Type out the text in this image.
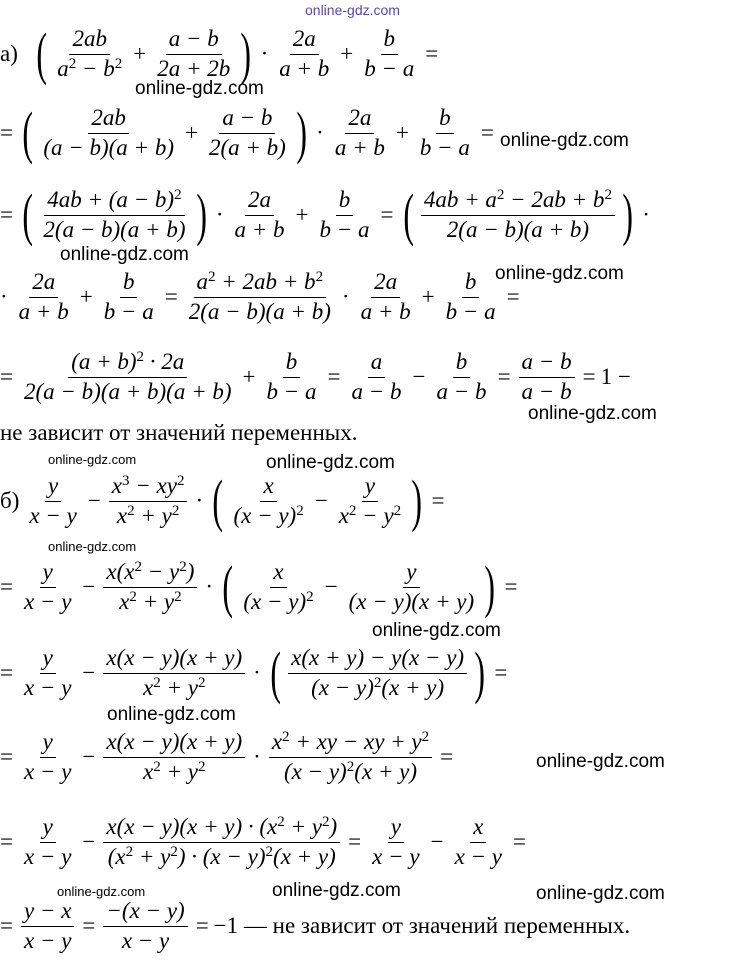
online-gdz.com
а) ( $\frac{2ab}{a^2 - b^2} + \frac{a - b}{2a + 2b}$ ) · $\frac{2a}{a + b} + \frac{b}{b - a}$ =
online-gdz.com
= ( $\frac{2ab}{(a - b)(a + b)} + \frac{a - b}{2(a + b)}$ ) · $\frac{2a}{a + b} + \frac{b}{b - a}$ = online-gdz.com
= ( $\frac{4ab + (a - b)^2}{2(a - b)(a + b)}$ ) · $\frac{2a}{a + b} + \frac{b}{b - a}$ = ( $\frac{4ab + a^2 - 2ab + b^2}{2(a - b)(a + b)}$ ) ·
online-gdz.com
· $\frac{2a}{a + b} + \frac{b}{b - a} = \frac{a^2 + 2ab + b^2}{2(a - b)(a + b)} \cdot \frac{2a}{a + b} + \frac{b}{b - a}$ =
online-gdz.com
= $\frac{(a + b)^2 \cdot 2a}{2(a - b)(a + b)(a + b)} + \frac{b}{b - a} = \frac{a}{a - b} - \frac{b}{a - b} = \frac{a - b}{a - b} = 1$ −
online-gdz.com
не зависит от значений переменных.
online-gdz.com	online-gdz.com
$б) \frac{y}{x - y} - \frac{x^3 - xy^2}{x^2 + y^2}$ · ( $\frac{x}{(x - y)^2} - \frac{y}{x^2 - y^2}$ ) =
online-gdz.com
= $\frac{y}{x - y} - \frac{x(x^2 - y^2)}{x^2 + y^2}$ · ( $\frac{x}{(x - y)^2} - \frac{y}{(x - y)(x + y)}$ ) =
online-gdz.com
= $\frac{y}{x - y} - \frac{x(x - y)(x + y)}{x^2 + y^2}$ · ( $\frac{x(x + y) - y(x - y)}{(x - y)^2(x + y)}$ ) =
online-gdz.com
= $\frac{y}{x - y} - \frac{x(x - y)(x + y)}{x^2 + y^2} \cdot \frac{x^2 + xy - xy + y^2}{(x - y)^2(x + y)}$ =	online-gdz.com
= $\frac{y}{x - y} - \frac{x(x - y)(x + y) \cdot (x^2 + y^2)}{(x^2 + y^2) \cdot (x - y)^2(x + y)} = \frac{y}{x - y} - \frac{x}{x - y}$ =
online-gdz.com	online-gdz.com
online-gdz.com
= $\frac{y - x}{x - y} = \frac{-(x - y)}{x - y} = -1$ — не зависит от значений переменных.
